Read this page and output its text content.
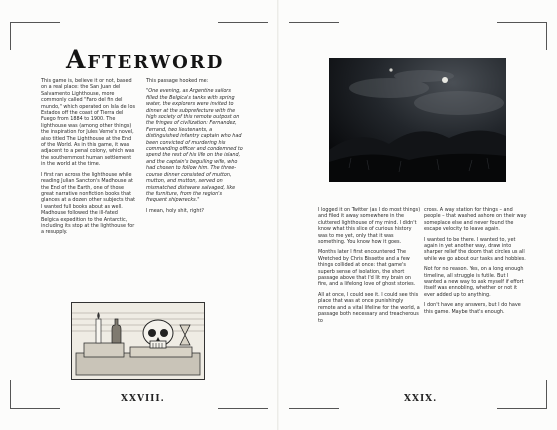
Afterword

This game is, believe it or not, based on a real place: the San Juan del Salvamento Lighthouse, more commonly called "Faro del fin del mundo," which operated on Isla de los Estados off the coast of Tierra del Fuego from 1884 to 1900. The lighthouse was (among other things) the inspiration for Jules Verne's novel, also titled The Lighthouse at the End of the World. As in this game, it was adjacent to a penal colony, which was the southernmost human settlement in the world at the time.

I first ran across the lighthouse while reading Julian Sancton's Madhouse at the End of the Earth, one of those great narrative nonfiction books that glances at a dozen other subjects that I wanted full books about as well. Madhouse followed the ill-fated Belgica expedition to the Antarctic, including its stop at the lighthouse for a resupply.

This passage hooked me:

"One evening, as Argentine sailors filled the Belgica's tanks with spring water, the explorers were invited to dinner at the subprefecture with the high society of this remote outpost on the fringes of civilization: Fernandez, Ferrand, two lieutenants, a distinguished infantry captain who had been convicted of murdering his commanding officer and condemned to spend the rest of his life on the island, and the captain's beguiling wife, who had chosen to follow him. The three-course dinner consisted of mutton, mutton, and mutton, served on mismatched dishware salvaged, like the furniture, from the region's frequent shipwrecks."

I mean, holy shit, right?

XXVIII.

I logged it on Twitter (as I do most things) and filed it away somewhere in the cluttered lighthouse of my mind. I didn't know what this slice of curious history was to me yet, only that it was something. You know how it goes.

Months later I first encountered The Wretched by Chris Bissette and a few things collided at once: that game's superb sense of isolation, the short passage above that I'd lit my brain on fire, and a lifelong love of ghost stories.

All at once, I could see it. I could see this place that was at once punishingly remote and a vital lifeline for the world, a passage both necessary and treacherous to

cross. A way station for things – and people – that washed ashore on their way someplace else and never found the escape velocity to leave again.

I wanted to be there. I wanted to, yet again in yet another way, draw into sharper relief the doom that circles us all while we go about our tasks and hobbies.

Not for no reason. Yes, on a long enough timeline, all struggle is futile. But I wanted a new way to ask myself if effort itself was ennobling, whether or not it ever added up to anything.

I don't have any answers, but I do have this game. Maybe that's enough.

XXIX.
